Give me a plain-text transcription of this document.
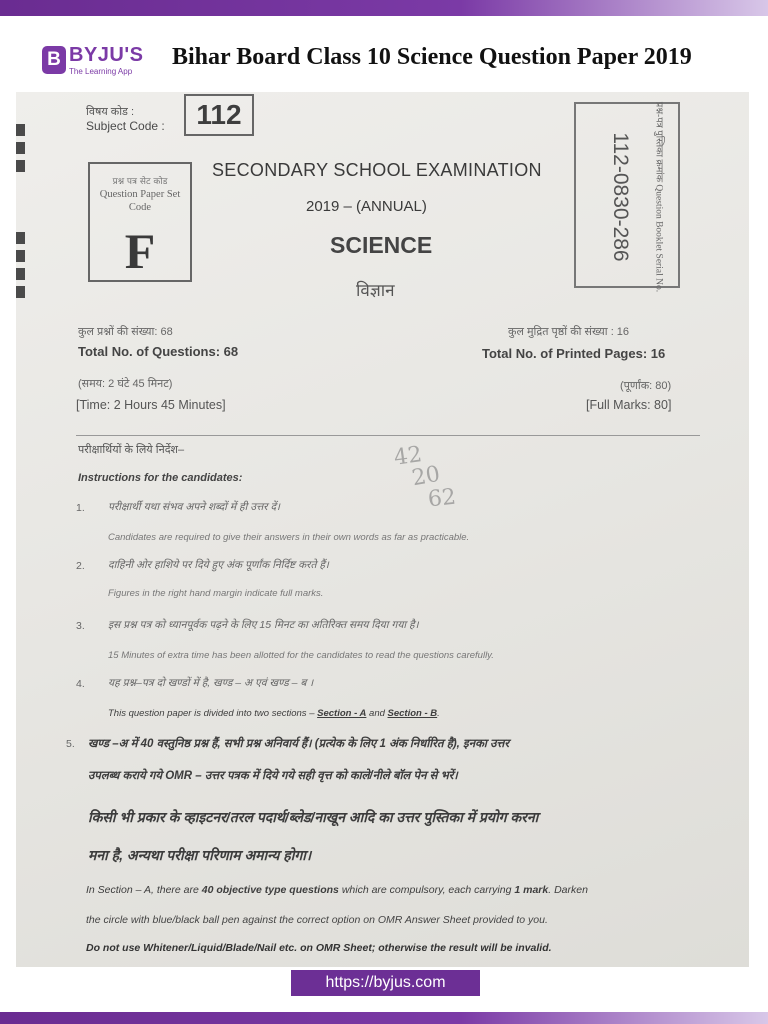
B BYJU'S
The Learning App
Bihar Board Class 10 Science Question Paper 2019
विषय कोड :
Subject Code :	112
प्रश्न पत्र सेट कोड
Question Paper Set Code
F
SECONDARY SCHOOL EXAMINATION
2019 – (ANNUAL)
SCIENCE
विज्ञान
112-0830-286 प्रश्न-पत्र पुस्तिका क्रमांक Question Booklet Serial No.
कुल प्रश्नों की संख्या: 68
Total No. of Questions: 68
कुल मुद्रित पृष्ठों की संख्या : 16
Total No. of Printed Pages: 16
(समय: 2 घंटे 45 मिनट)
[Time: 2 Hours 45 Minutes]
(पूर्णांक: 80)
[Full Marks: 80]
42
20
62
परीक्षार्थियों के लिये निर्देश–
Instructions for the candidates:
1. परीक्षार्थी यथा संभव अपने शब्दों में ही उत्तर दें।
Candidates are required to give their answers in their own words as far as practicable.
2. दाहिनी ओर हाशिये पर दिये हुए अंक पूर्णांक निर्दिष्ट करते हैं।
Figures in the right hand margin indicate full marks.
3. इस प्रश्न पत्र को ध्यानपूर्वक पढ़ने के लिए 15 मिनट का अतिरिक्त समय दिया गया है।
15 Minutes of extra time has been allotted for the candidates to read the questions carefully.
4. यह प्रश्न–पत्र दो खण्डों में है, खण्ड – अ एवं खण्ड – ब ।
This question paper is divided into two sections – Section - A and Section - B.
5. खण्ड –अ में 40 वस्तुनिष्ठ प्रश्न हैं, सभी प्रश्न अनिवार्य हैं। (प्रत्येक के लिए 1 अंक निर्धारित है), इनका उत्तर
उपलब्ध कराये गये OMR – उत्तर पत्रक में दिये गये सही वृत्त को काले/नीले बॉल पेन से भरें।
किसी भी प्रकार के व्हाइटनर/तरल पदार्थ/ब्लेड/नाखून आदि का उत्तर पुस्तिका में प्रयोग करना
मना है, अन्यथा परीक्षा परिणाम अमान्य होगा।
In Section – A, there are 40 objective type questions which are compulsory, each carrying 1 mark. Darken
the circle with blue/black ball pen against the correct option on OMR Answer Sheet provided to you.
Do not use Whitener/Liquid/Blade/Nail etc. on OMR Sheet; otherwise the result will be invalid.
https://byjus.com
